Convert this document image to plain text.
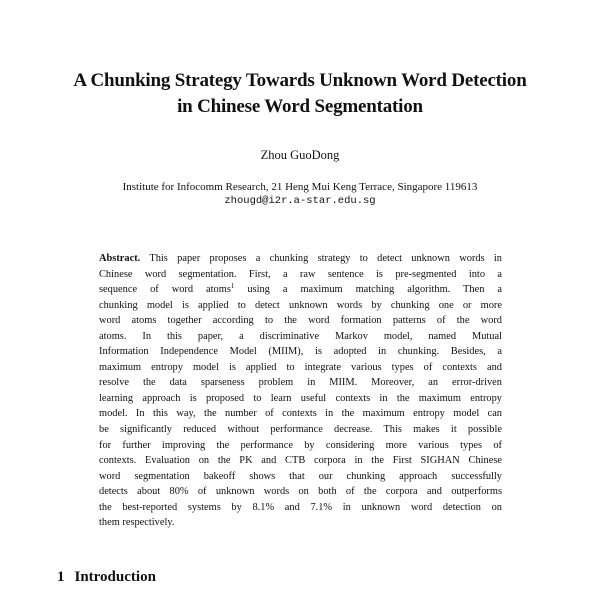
A Chunking Strategy Towards Unknown Word Detection
in Chinese Word Segmentation
Zhou GuoDong
Institute for Infocomm Research, 21 Heng Mui Keng Terrace, Singapore 119613
zhougd@i2r.a-star.edu.sg
Abstract. This paper proposes a chunking strategy to detect unknown words in
Chinese word segmentation. First, a raw sentence is pre-segmented into a
sequence of word atoms$^1$ using a maximum matching algorithm. Then a
chunking model is applied to detect unknown words by chunking one or more
word atoms together according to the word formation patterns of the word
atoms. In this paper, a discriminative Markov model, named Mutual
Information Independence Model (MIIM), is adopted in chunking. Besides, a
maximum entropy model is applied to integrate various types of contexts and
resolve the data sparseness problem in MIIM. Moreover, an error-driven
learning approach is proposed to learn useful contexts in the maximum entropy
model. In this way, the number of contexts in the maximum entropy model can
be significantly reduced without performance decrease. This makes it possible
for further improving the performance by considering more various types of
contexts. Evaluation on the PK and CTB corpora in the First SIGHAN Chinese
word segmentation bakeoff shows that our chunking approach successfully
detects about 80% of unknown words on both of the corpora and outperforms
the best-reported systems by 8.1% and 7.1% in unknown word detection on
them respectively.
1 Introduction
